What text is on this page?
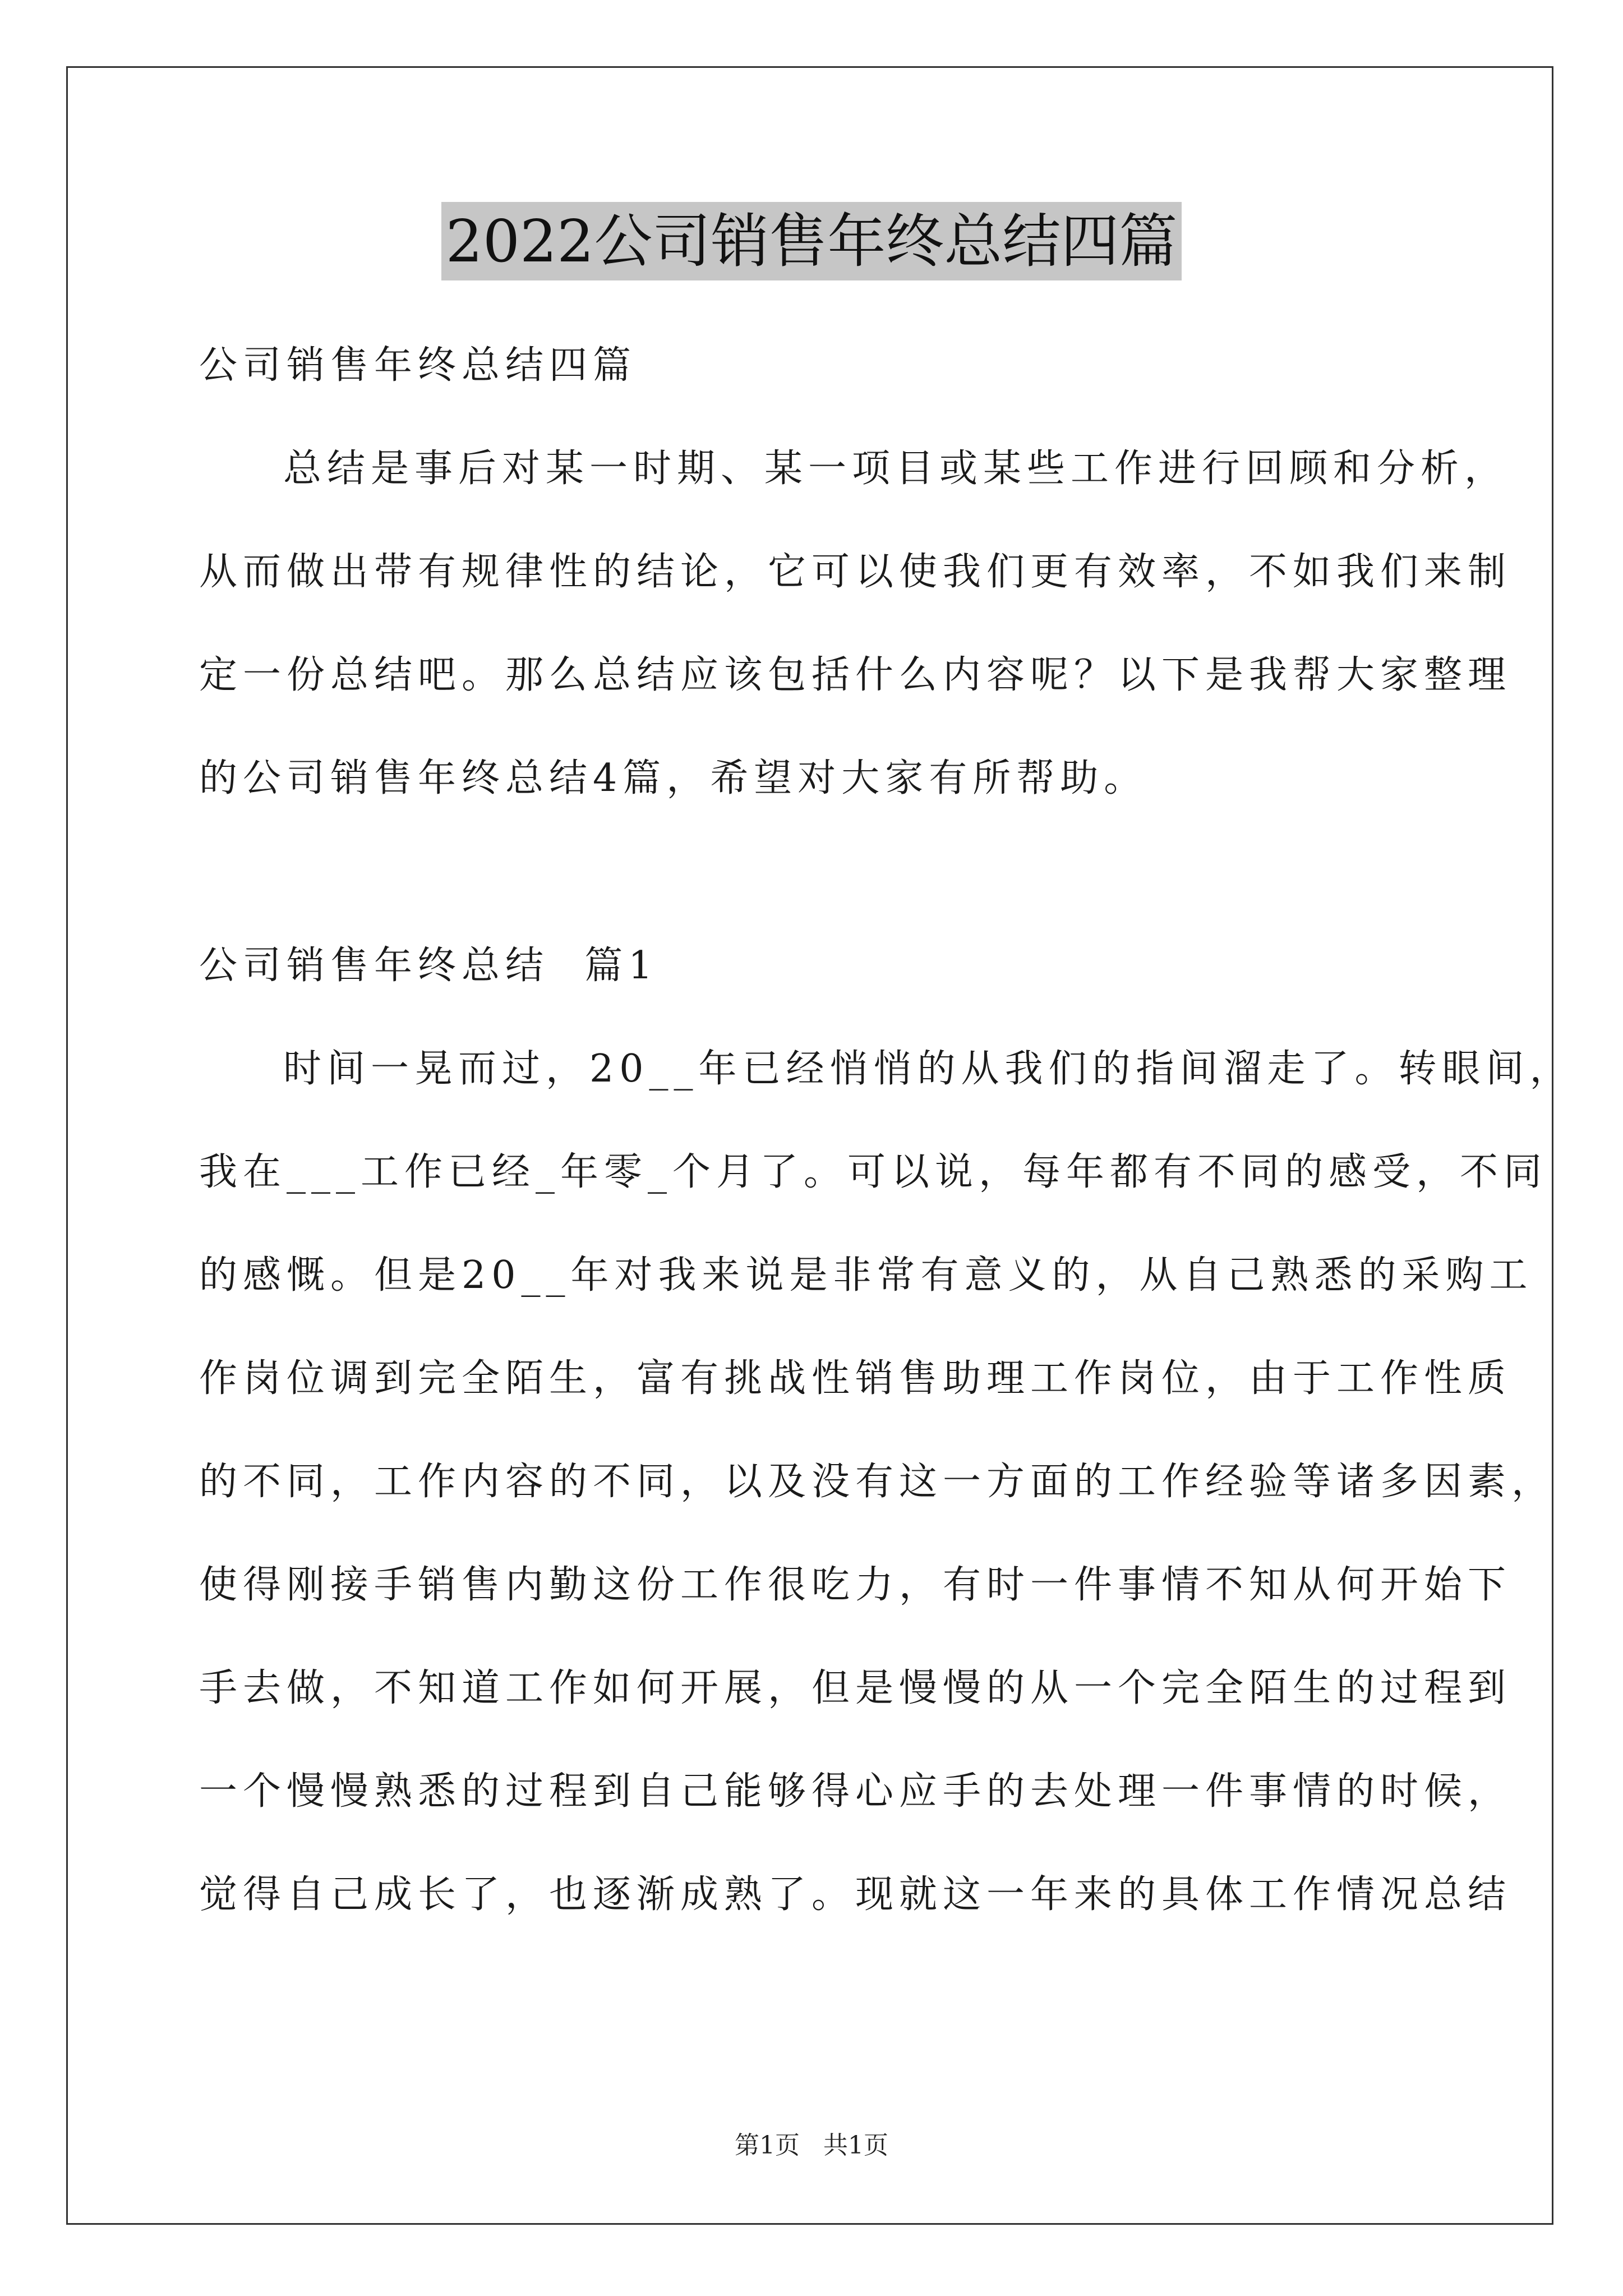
2022公司销售年终总结四篇
公司销售年终总结四篇
总结是事后对某一时期、某一项目或某些工作进行回顾和分析，
从而做出带有规律性的结论，它可以使我们更有效率，不如我们来制
定一份总结吧。那么总结应该包括什么内容呢？以下是我帮大家整理
的公司销售年终总结4篇，希望对大家有所帮助。
公司销售年终总结  篇1
时间一晃而过，20__年已经悄悄的从我们的指间溜走了。转眼间，
我在___工作已经_年零_个月了。可以说，每年都有不同的感受，不同
的感慨。但是20__年对我来说是非常有意义的，从自己熟悉的采购工
作岗位调到完全陌生，富有挑战性销售助理工作岗位，由于工作性质
的不同，工作内容的不同，以及没有这一方面的工作经验等诸多因素，
使得刚接手销售内勤这份工作很吃力，有时一件事情不知从何开始下
手去做，不知道工作如何开展，但是慢慢的从一个完全陌生的过程到
一个慢慢熟悉的过程到自己能够得心应手的去处理一件事情的时候，
觉得自己成长了，也逐渐成熟了。现就这一年来的具体工作情况总结
第1页 共1页
